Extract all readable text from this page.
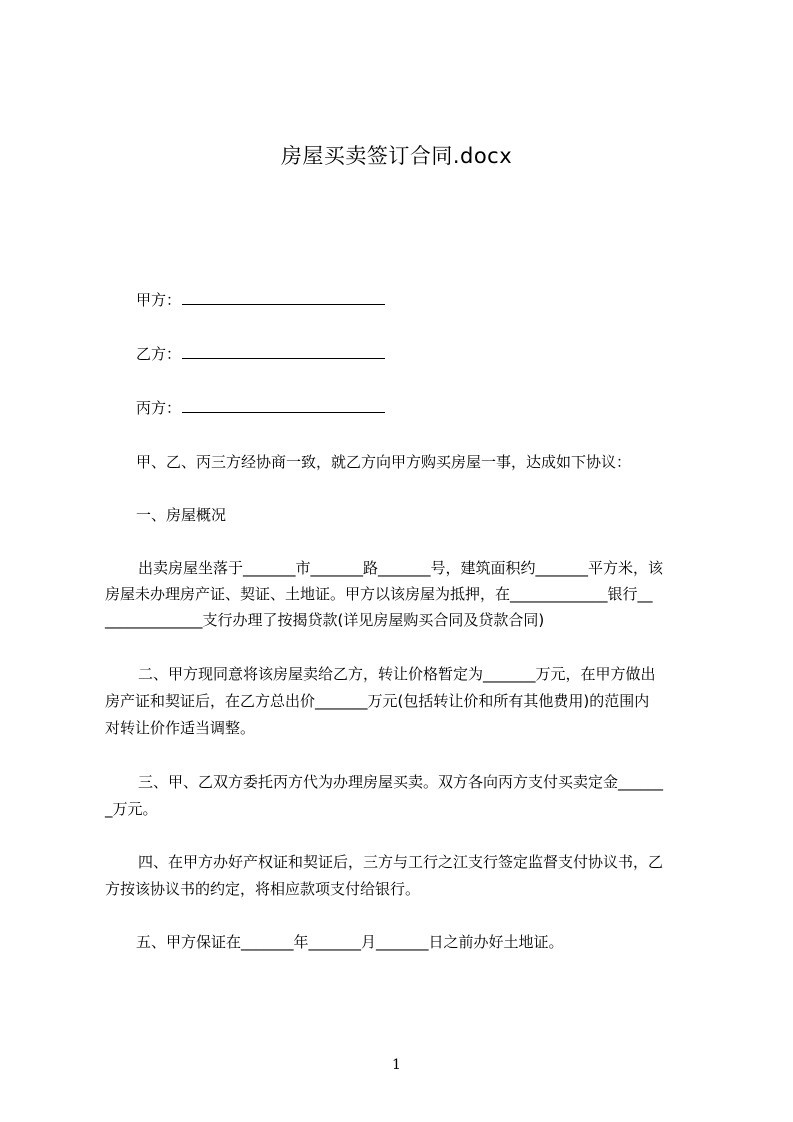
房屋买卖签订合同.docx
甲方：
乙方：
丙方：
甲、乙、丙三方经协商一致，就乙方向甲方购买房屋一事，达成如下协议：
一、房屋概况
出卖房屋坐落于_______市_______路_______号，建筑面积约_______平方米，该
房屋未办理房产证、契证、土地证。甲方以该房屋为抵押，在_____________银行__
_____________支行办理了按揭贷款(详见房屋购买合同及贷款合同)
二、甲方现同意将该房屋卖给乙方，转让价格暂定为_______万元，在甲方做出
房产证和契证后，在乙方总出价_______万元(包括转让价和所有其他费用)的范围内
对转让价作适当调整。
三、甲、乙双方委托丙方代为办理房屋买卖。双方各向丙方支付买卖定金______
_万元。
四、在甲方办好产权证和契证后，三方与工行之江支行签定监督支付协议书，乙
方按该协议书的约定，将相应款项支付给银行。
五、甲方保证在_______年_______月_______日之前办好土地证。
1
